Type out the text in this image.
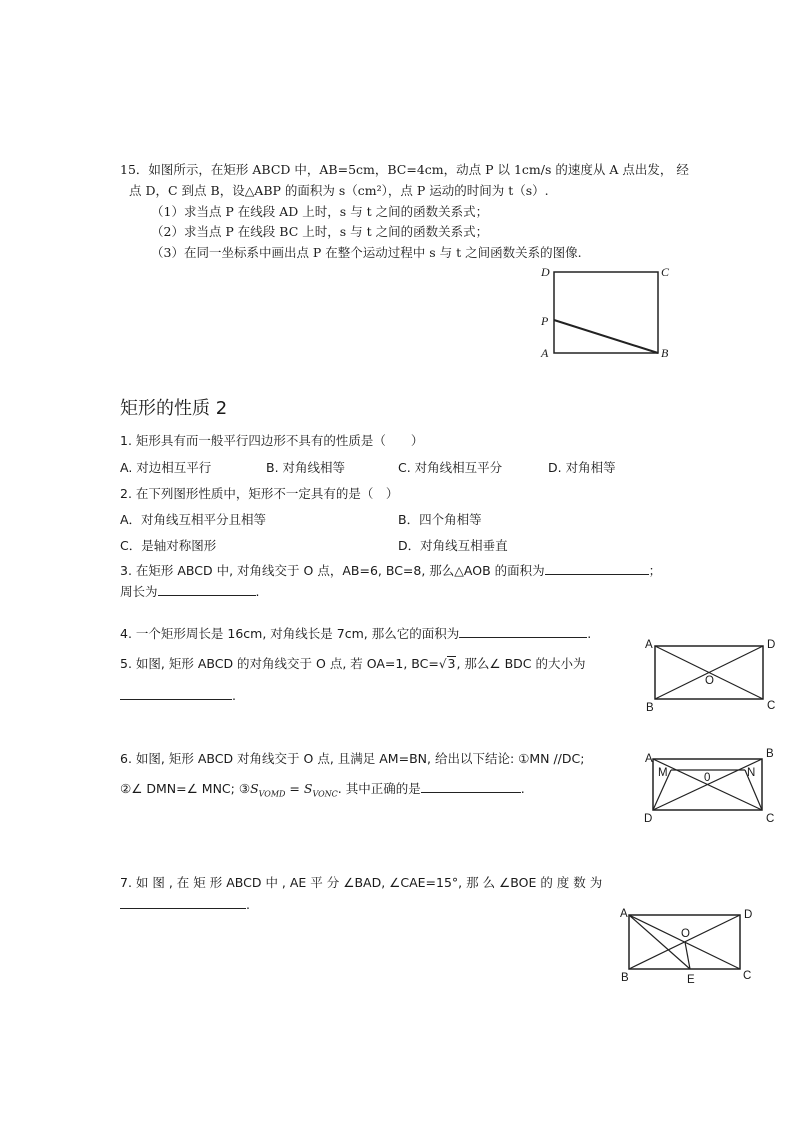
15．如图所示，在矩形 ABCD 中，AB=5cm，BC=4cm，动点 P 以 1cm/s 的速度从 A 点出发， 经
点 D，C 到点 B，设△ABP 的面积为 s（cm²），点 P 运动的时间为 t（s）.
（1）求当点 P 在线段 AD 上时，s 与 t 之间的函数关系式；
（2）求当点 P 在线段 BC 上时，s 与 t 之间的函数关系式；
（3）在同一坐标系中画出点 P 在整个运动过程中 s 与 t 之间函数关系的图像.
D	C
P
A	B
矩形的性质 2
1. 矩形具有而一般平行四边形不具有的性质是（　　）
A. 对边相互平行	B. 对角线相等	C. 对角线相互平分	D. 对角相等
2. 在下列图形性质中，矩形不一定具有的是（　）
A．对角线互相平分且相等	B．四个角相等
C．是轴对称图形	D．对角线互相垂直
3. 在矩形 ABCD 中, 对角线交于 O 点，AB=6, BC=8, 那么△AOB 的面积为	；
周长为	.
4. 一个矩形周长是 16cm, 对角线长是 7cm, 那么它的面积为	.
5. 如图, 矩形 ABCD 的对角线交于 O 点, 若 OA=1, BC=√3, 那么∠ BDC 的大小为
.
A	D
O
B	C
6. 如图, 矩形 ABCD 对角线交于 O 点, 且满足 AM=BN, 给出以下结论: ①MN //DC;
②∠ DMN=∠ MNC; $③S_{VOMD} = S_{VONC}$. 其中正确的是	.
A	B
M	N
0
D	C
7. 如 图 , 在 矩 形 ABCD 中 , AE 平 分 ∠BAD, ∠CAE=15°, 那 么 ∠BOE 的 度 数 为
.
A	D
O
B	E	C
